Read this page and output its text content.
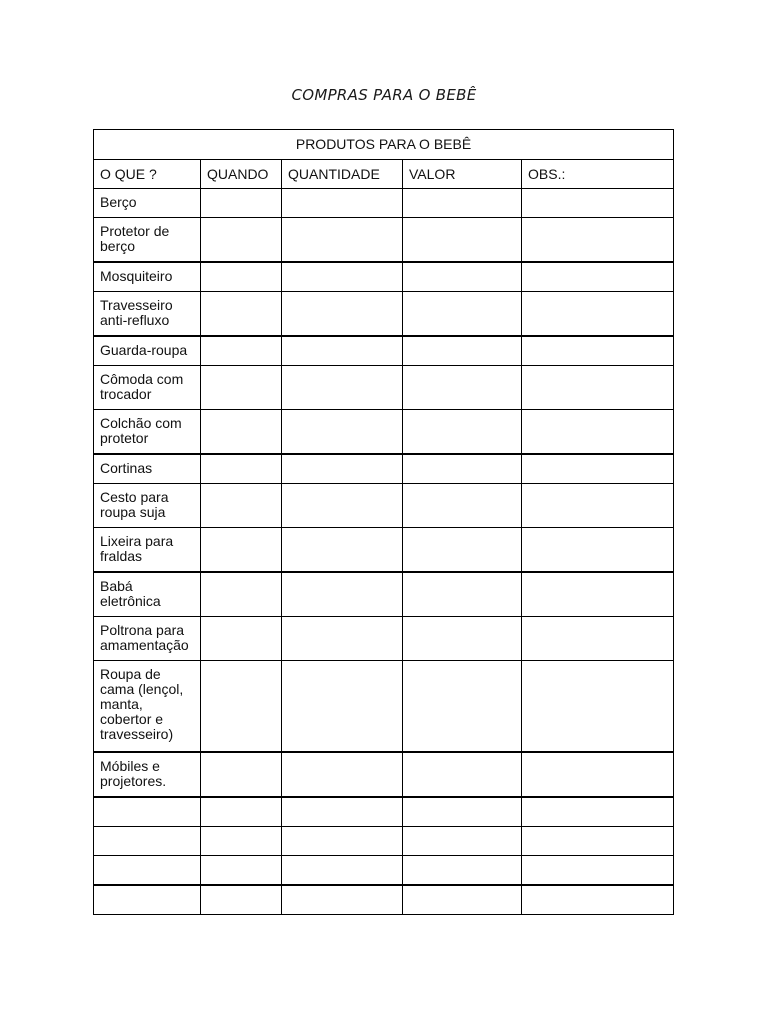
COMPRAS PARA O BEBÊ
PRODUTOS PARA O BEBÊ				
O QUE ?	QUANDO	QUANTIDADE	VALOR	OBS.:
Berço				
Protetor de berço				
Mosquiteiro				
Travesseiro anti-refluxo				
Guarda-roupa				
Cômoda com trocador				
Colchão com protetor				
Cortinas				
Cesto para roupa suja				
Lixeira para fraldas				
Babá eletrônica				
Poltrona para amamentação				
Roupa de cama (lençol, manta, cobertor e travesseiro)				
Móbiles e projetores.				
